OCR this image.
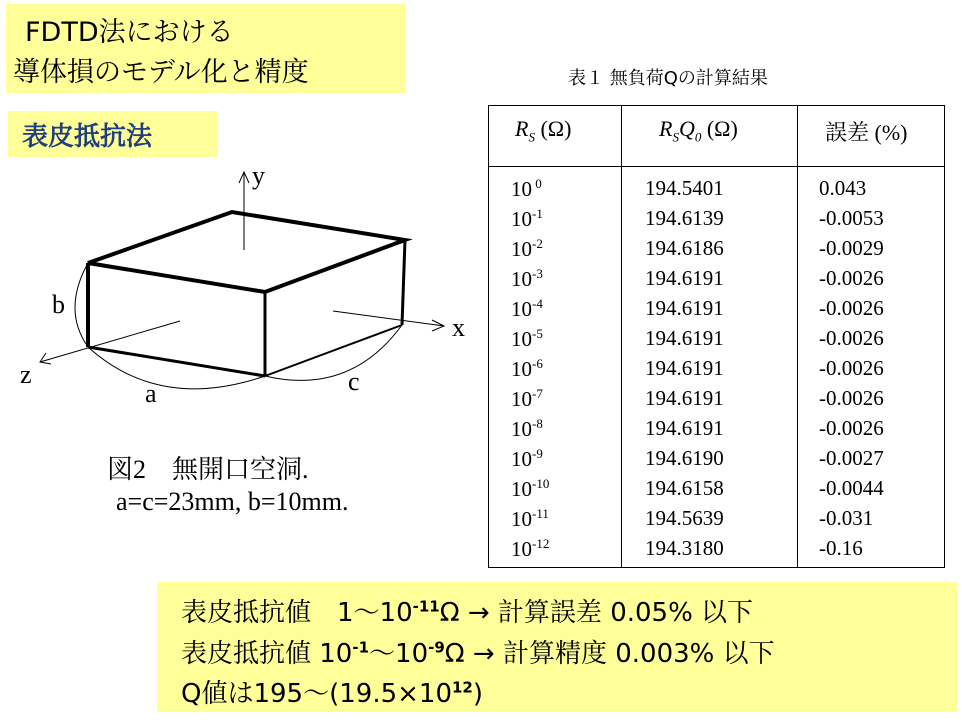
FDTD法における
導体損のモデル化と精度
表皮抵抗法
y
x
z
b
a	c
図2　無開口空洞.
a=c=23mm, b=10mm.
表１ 無負荷Qの計算結果
$R_S$ (Ω)	$R_SQ_0$ (Ω)	誤差 (%)
10 $^0$	194.5401	0.043
$10^{-1}$	194.6139	-0.0053
$10^{-2}$	194.6186	-0.0029
$10^{-3}$	194.6191	-0.0026
$10^{-4}$	194.6191	-0.0026
$10^{-5}$	194.6191	-0.0026
$10^{-6}$	194.6191	-0.0026
$10^{-7}$	194.6191	-0.0026
$10^{-8}$	194.6191	-0.0026
$10^{-9}$	194.6190	-0.0027
$10^{-10}$	194.6158	-0.0044
$10^{-11}$	194.5639	-0.031
$10^{-12}$	194.3180	-0.16
表皮抵抗値　1〜$10^{-11}\Omega$ → 計算誤差 0.05% 以下
表皮抵抗値 $10^{-1}$〜$10^{-9}\Omega$ → 計算精度 0.003% 以下
Q値は195〜$(19.5\times 10^{12})$
